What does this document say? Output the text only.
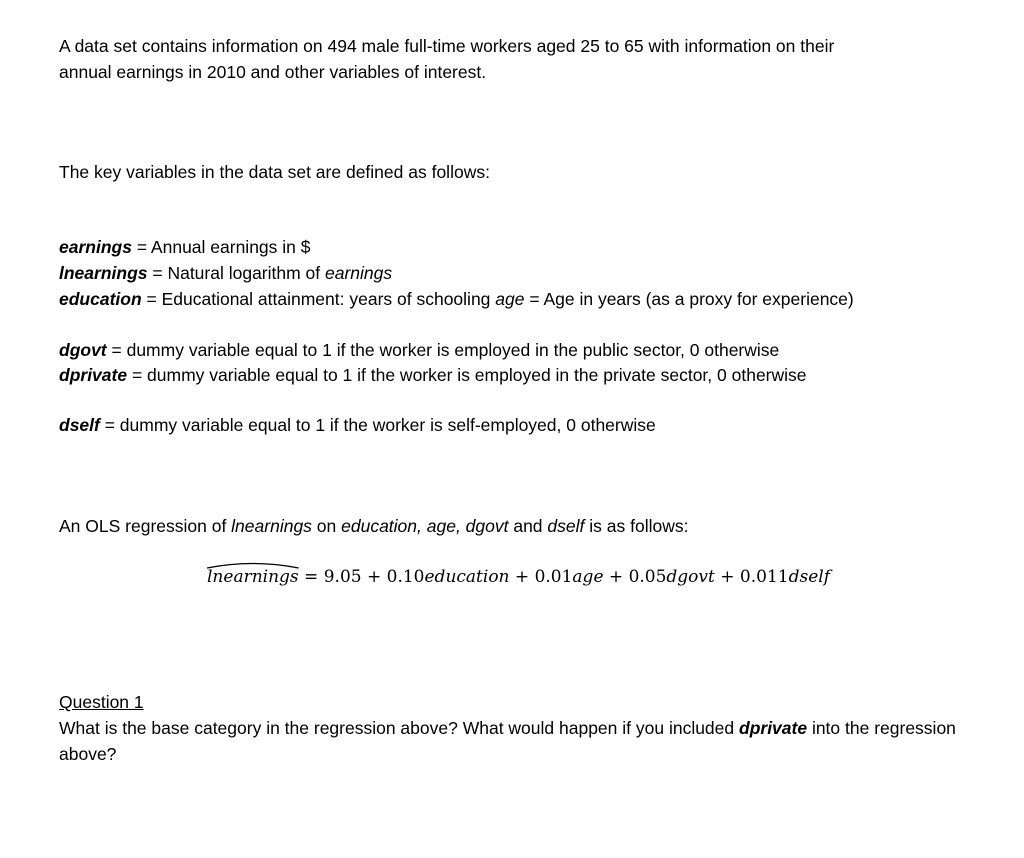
A data set contains information on 494 male full-time workers aged 25 to 65 with information on their
annual earnings in 2010 and other variables of interest.

The key variables in the data set are defined as follows:

earnings = Annual earnings in $

lnearnings = Natural logarithm of earnings

education = Educational attainment: years of schooling age = Age in years (as a proxy for experience)

dgovt = dummy variable equal to 1 if the worker is employed in the public sector, 0 otherwise

dprivate = dummy variable equal to 1 if the worker is employed in the private sector, 0 otherwise

dself = dummy variable equal to 1 if the worker is self-employed, 0 otherwise

An OLS regression of lnearnings on education, age, dgovt and dself is as follows:

lnearnings = 9.05 + 0.10education + 0.01age + 0.05dgovt + 0.011dself

Question 1

What is the base category in the regression above? What would happen if you included dprivate into the regression above?
